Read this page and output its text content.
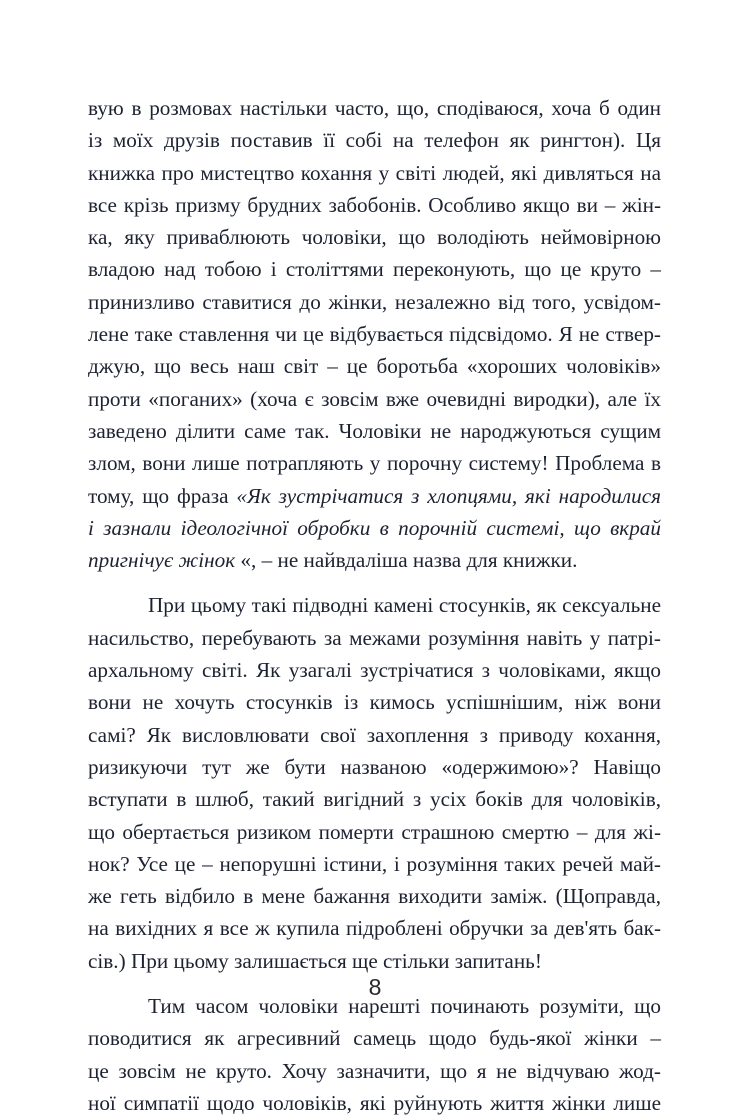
вую в розмовах настільки часто, що, сподіваюся, хоча б один
із моїх друзів поставив її собі на телефон як рингтон). Ця
книжка про мистецтво кохання у світі людей, які дивляться на
все крізь призму брудних забобонів. Особливо якщо ви – жін-
ка, яку приваблюють чоловіки, що володіють неймовірною
владою над тобою і століттями переконують, що це круто –
принизливо ставитися до жінки, незалежно від того, усвідом-
лене таке ставлення чи це відбувається підсвідомо. Я не ствер-
джую, що весь наш світ – це боротьба «хороших чоловіків»
проти «поганих» (хоча є зовсім вже очевидні виродки), але їх
заведено ділити саме так. Чоловіки не народжуються сущим
злом, вони лише потрапляють у порочну систему! Проблема в
тому, що фраза «Як зустрічатися з хлопцями, які народилися
і зазнали ідеологічної обробки в порочній системі, що вкрай
пригнічує жінок «, – не найвдаліша назва для книжки.
При цьому такі підводні камені стосунків, як сексуальне
насильство, перебувають за межами розуміння навіть у патрі-
архальному світі. Як узагалі зустрічатися з чоловіками, якщо
вони не хочуть стосунків із кимось успішнішим, ніж вони
самі? Як висловлювати свої захоплення з приводу кохання,
ризикуючи тут же бути названою «одержимою»? Навіщо
вступати в шлюб, такий вигідний з усіх боків для чоловіків,
що обертається ризиком померти страшною смертю – для жі-
нок? Усе це – непорушні істини, і розуміння таких речей май-
же геть відбило в мене бажання виходити заміж. (Щоправда,
на вихідних я все ж купила підроблені обручки за дев'ять бак-
сів.) При цьому залишається ще стільки запитань!
Тим часом чоловіки нарешті починають розуміти, що
поводитися як агресивний самець щодо будь-якої жінки –
це зовсім не круто. Хочу зазначити, що я не відчуваю жод-
ної симпатії щодо чоловіків, які руйнують життя жінки лише
8
